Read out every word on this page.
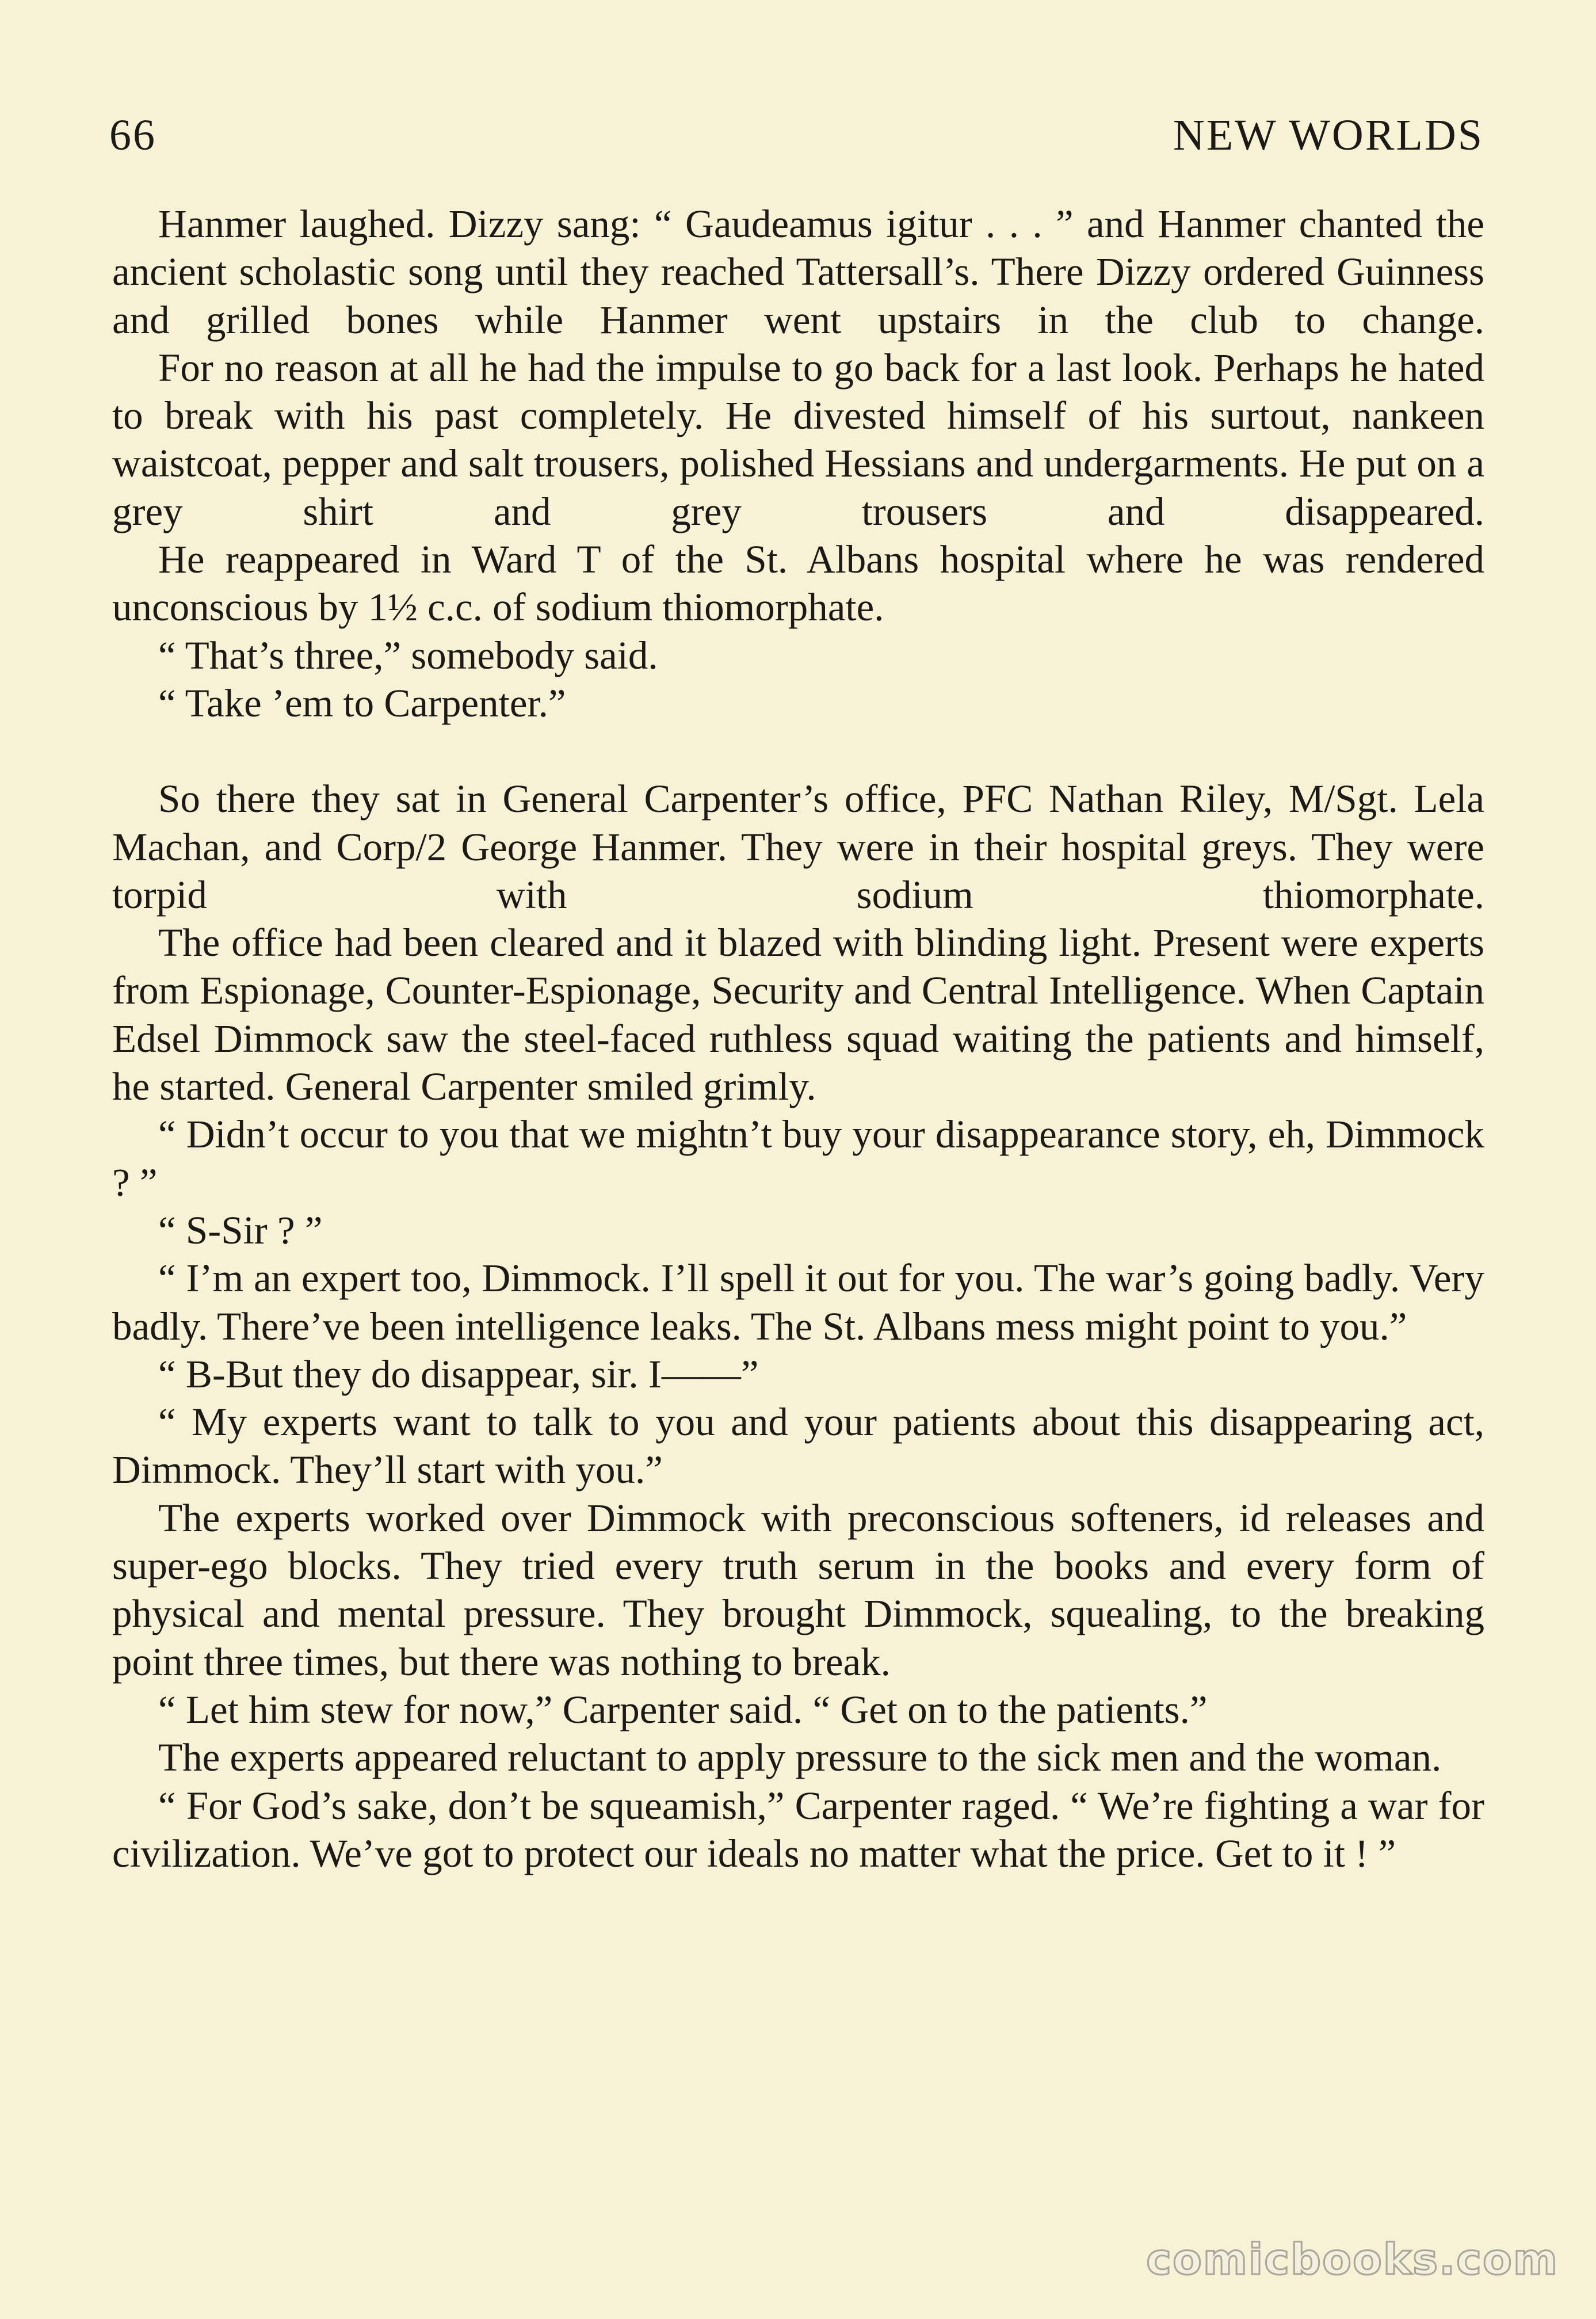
66	NEW WORLDS

Hanmer laughed. Dizzy sang: “ Gaudeamus igitur . . . ” and Hanmer chanted the ancient scholastic song until they reached Tattersall’s. There Dizzy ordered Guinness and grilled bones while Hanmer went upstairs in the club to change.

For no reason at all he had the impulse to go back for a last look. Perhaps he hated to break with his past completely. He divested himself of his surtout, nankeen waistcoat, pepper and salt trousers, polished Hessians and undergarments. He put on a grey shirt and grey trousers and disappeared.

He reappeared in Ward T of the St. Albans hospital where he was rendered unconscious by 1½ c.c. of sodium thiomorphate.

“ That’s three,” somebody said.

“ Take ’em to Carpenter.”

So there they sat in General Carpenter’s office, PFC Nathan Riley, M/Sgt. Lela Machan, and Corp/2 George Hanmer. They were in their hospital greys. They were torpid with sodium thiomorphate.

The office had been cleared and it blazed with blinding light. Present were experts from Espionage, Counter-Espionage, Security and Central Intelligence. When Captain Edsel Dimmock saw the steel-faced ruthless squad waiting the patients and himself, he started. General Carpenter smiled grimly.

“ Didn’t occur to you that we mightn’t buy your disappearance story, eh, Dimmock ? ”

“ S-Sir ? ”

“ I’m an expert too, Dimmock. I’ll spell it out for you. The war’s going badly. Very badly. There’ve been intelligence leaks. The St. Albans mess might point to you.”

“ B-But they do disappear, sir. I——”

“ My experts want to talk to you and your patients about this disappearing act, Dimmock. They’ll start with you.”

The experts worked over Dimmock with preconscious softeners, id releases and super-ego blocks. They tried every truth serum in the books and every form of physical and mental pressure. They brought Dimmock, squealing, to the breaking point three times, but there was nothing to break.

“ Let him stew for now,” Carpenter said. “ Get on to the patients.”

The experts appeared reluctant to apply pressure to the sick men and the woman.

“ For God’s sake, don’t be squeamish,” Carpenter raged. “ We’re fighting a war for civilization. We’ve got to protect our ideals no matter what the price. Get to it ! ”

comicbooks.com
